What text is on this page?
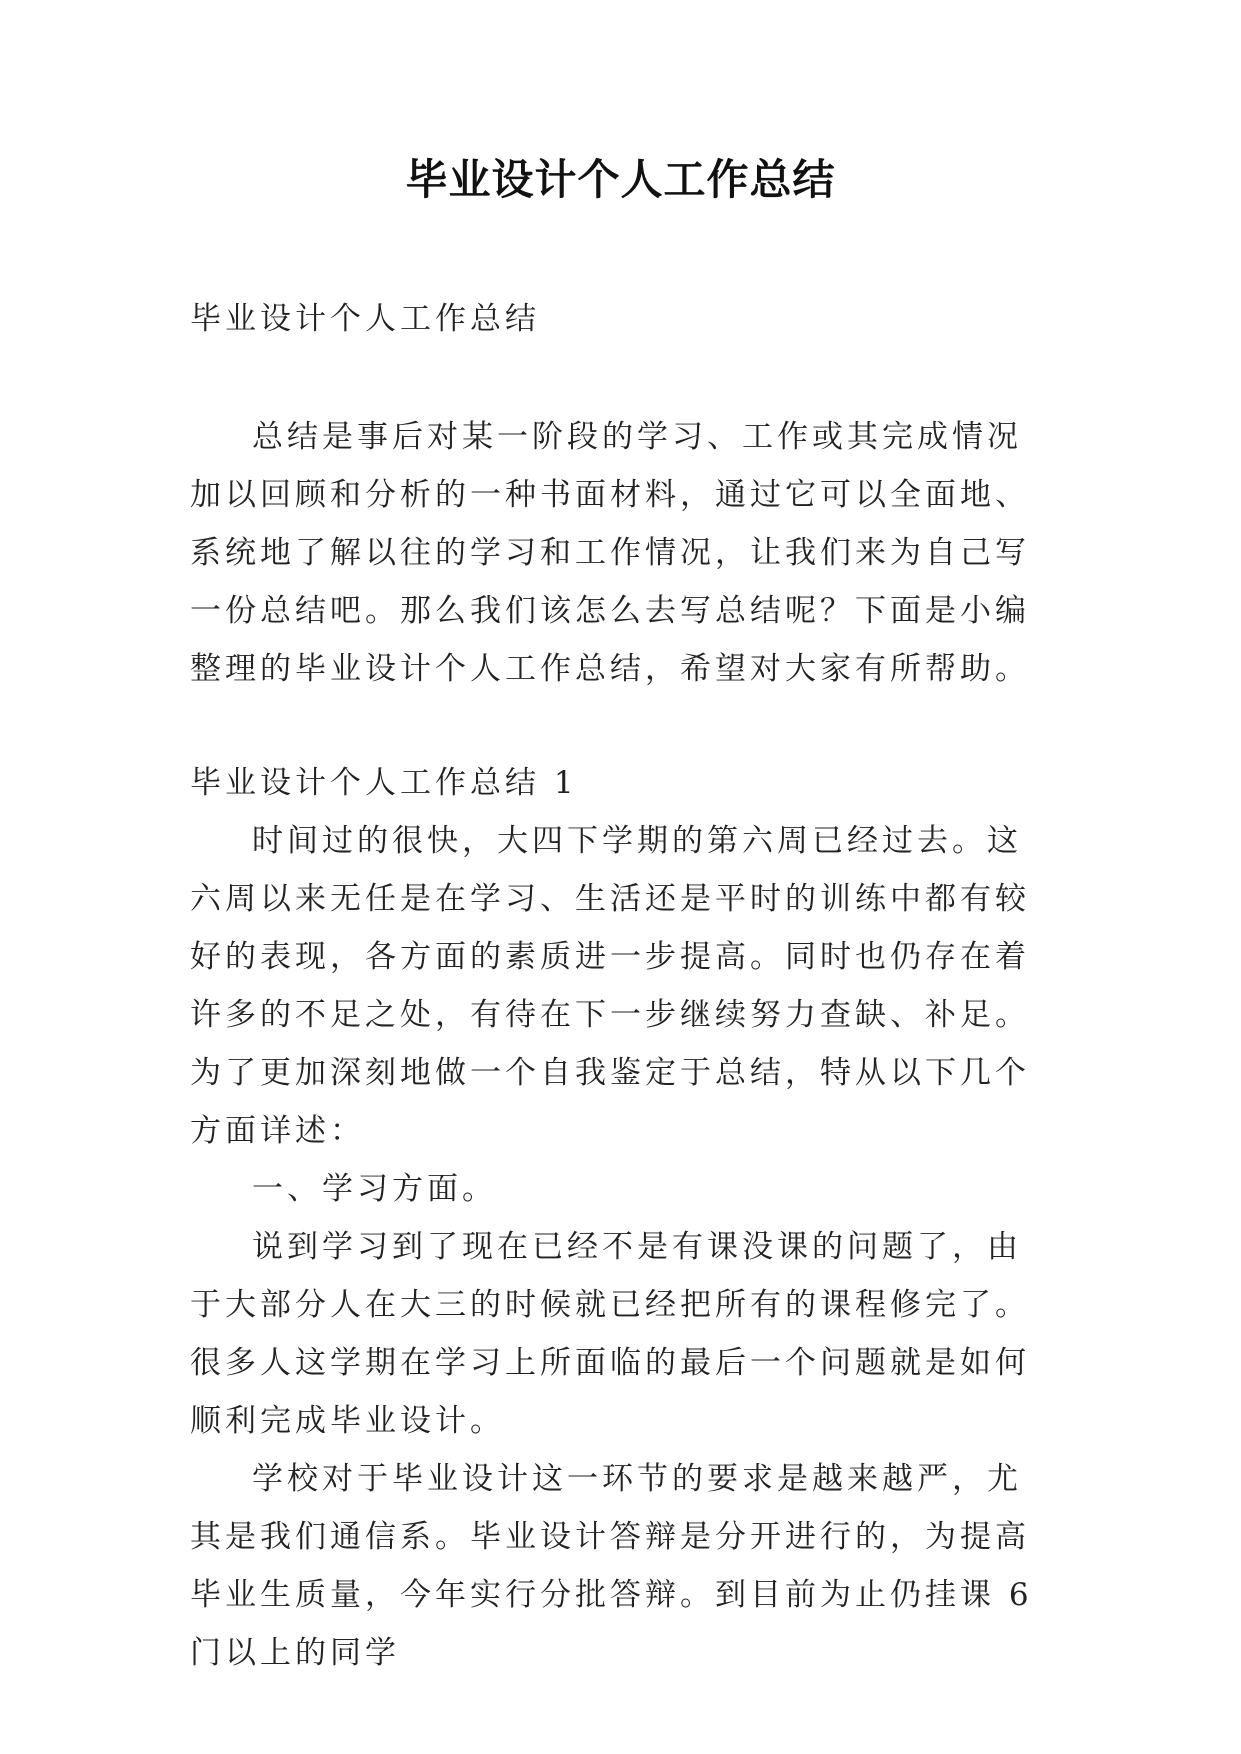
毕业设计个人工作总结

毕业设计个人工作总结

总结是事后对某一阶段的学习、工作或其完成情况加以回顾和分析的一种书面材料，通过它可以全面地、系统地了解以往的学习和工作情况，让我们来为自己写一份总结吧。那么我们该怎么去写总结呢？下面是小编整理的毕业设计个人工作总结，希望对大家有所帮助。

毕业设计个人工作总结 1

时间过的很快，大四下学期的第六周已经过去。这六周以来无任是在学习、生活还是平时的训练中都有较好的表现，各方面的素质进一步提高。同时也仍存在着许多的不足之处，有待在下一步继续努力查缺、补足。为了更加深刻地做一个自我鉴定于总结，特从以下几个方面详述：

一、学习方面。

说到学习到了现在已经不是有课没课的问题了，由于大部分人在大三的时候就已经把所有的课程修完了。很多人这学期在学习上所面临的最后一个问题就是如何顺利完成毕业设计。

学校对于毕业设计这一环节的要求是越来越严，尤其是我们通信系。毕业设计答辩是分开进行的，为提高毕业生质量，今年实行分批答辩。到目前为止仍挂课 6 门以上的同学
